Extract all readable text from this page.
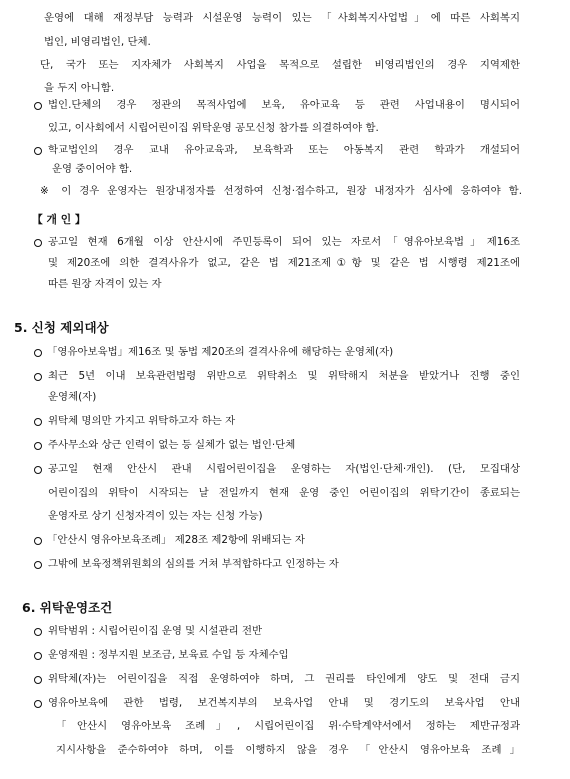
운영에 대해 재정부담 능력과 시설운영 능력이 있는 「사회복지사업법」에 따른 사회복지
법인, 비영리법인, 단체.
단, 국가 또는 지자체가 사회복지 사업을 목적으로 설립한 비영리법인의 경우 지역제한
을 두지 아니함.
법인.단체의 경우 정관의 목적사업에 보육, 유아교육 등 관련 사업내용이 명시되어
있고, 이사회에서 시립어린이집 위탁운영 공모신청 참가를 의결하여야 함.
학교법인의 경우 교내 유아교육과, 보육학과 또는 아동복지 관련 학과가 개설되어
운영 중이어야 함.
※ 이 경우 운영자는 원장내정자를 선정하여 신청·접수하고, 원장 내정자가 심사에 응하여야 함.
【 개 인 】
공고일 현재 6개월 이상 안산시에 주민등록이 되어 있는 자로서「영유아보육법」제16조
및 제20조에 의한 결격사유가 없고, 같은 법 제21조제①항 및 같은 법 시행령 제21조에
따른 원장 자격이 있는 자
5. 신청 제외대상
「영유아보육법」제16조 및 동법 제20조의 결격사유에 해당하는 운영체(자)
최근 5년 이내 보육관련법령 위반으로 위탁취소 및 위탁해지 처분을 받았거나 진행 중인
운영체(자)
위탁체 명의만 가지고 위탁하고자 하는 자
주사무소와 상근 인력이 없는 등 실체가 없는 법인·단체
공고일 현재 안산시 관내 시립어린이집을 운영하는 자(법인·단체·개인). (단, 모집대상
어린이집의 위탁이 시작되는 날 전일까지 현재 운영 중인 어린이집의 위탁기간이 종료되는
운영자로 상기 신청자격이 있는 자는 신청 가능)
「안산시 영유아보육조례」 제28조 제2항에 위배되는 자
그밖에 보육정책위원회의 심의를 거쳐 부적합하다고 인정하는 자
6. 위탁운영조건
위탁범위 : 시립어린이집 운영 및 시설관리 전반
운영재원 : 정부지원 보조금, 보육료 수입 등 자체수입
위탁체(자)는 어린이집을 직접 운영하여야 하며, 그 권리를 타인에게 양도 및 전대 금지
영유아보육에 관한 법령, 보건복지부의 보육사업 안내 및 경기도의 보육사업 안내
「안산시 영유아보육 조례」, 시립어린이집 위·수탁계약서에서 정하는 제반규정과
지시사항을 준수하여야 하며, 이를 이행하지 않을 경우 「안산시 영유아보육 조례」
